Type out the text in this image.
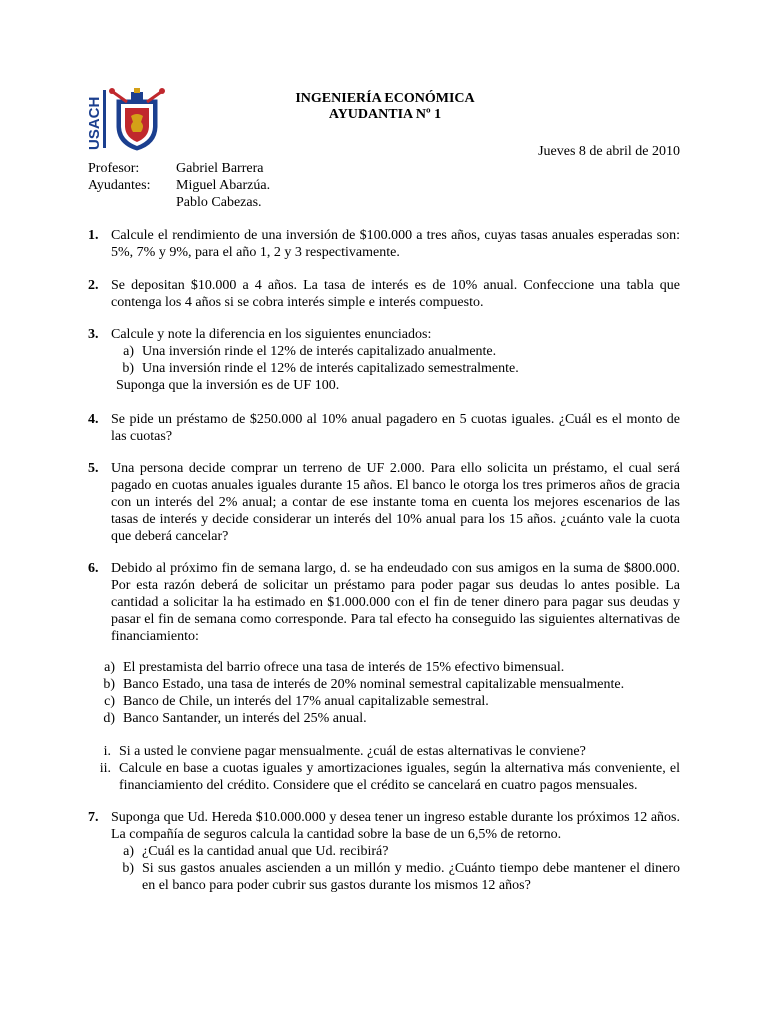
USACH	INGENIERÍA ECONÓMICA
AYUDANTIA Nº 1
Jueves 8 de abril de 2010
Profesor:	Gabriel Barrera
Ayudantes:	Miguel Abarzúa.
Pablo Cabezas.
1. Calcule el rendimiento de una inversión de $100.000 a tres años, cuyas tasas anuales esperadas son: 5%, 7% y 9%, para el año 1, 2 y 3 respectivamente.
2. Se depositan $10.000 a 4 años. La tasa de interés es de 10% anual. Confeccione una tabla que contenga los 4 años si se cobra interés simple e interés compuesto.
3. Calcule y note la diferencia en los siguientes enunciados:
a) Una inversión rinde el 12% de interés capitalizado anualmente.
b) Una inversión rinde el 12% de interés capitalizado semestralmente.
Suponga que la inversión es de UF 100.
4. Se pide un préstamo de $250.000 al 10% anual pagadero en 5 cuotas iguales. ¿Cuál es el monto de las cuotas?
5. Una persona decide comprar un terreno de UF 2.000. Para ello solicita un préstamo, el cual será pagado en cuotas anuales iguales durante 15 años. El banco le otorga los tres primeros años de gracia con un interés del 2% anual; a contar de ese instante toma en cuenta los mejores escenarios de las tasas de interés y decide considerar un interés del 10% anual para los 15 años. ¿cuánto vale la cuota que deberá cancelar?
6. Debido al próximo fin de semana largo, d. se ha endeudado con sus amigos en la suma de $800.000. Por esta razón deberá de solicitar un préstamo para poder pagar sus deudas lo antes posible. La cantidad a solicitar la ha estimado en $1.000.000 con el fin de tener dinero para pagar sus deudas y pasar el fin de semana como corresponde. Para tal efecto ha conseguido las siguientes alternativas de financiamiento:
a) El prestamista del barrio ofrece una tasa de interés de 15% efectivo bimensual.
b) Banco Estado, una tasa de interés de 20% nominal semestral capitalizable mensualmente.
c) Banco de Chile, un interés del 17% anual capitalizable semestral.
d) Banco Santander, un interés del 25% anual.
i. Si a usted le conviene pagar mensualmente. ¿cuál de estas alternativas le conviene?
ii. Calcule en base a cuotas iguales y amortizaciones iguales, según la alternativa más conveniente, el financiamiento del crédito. Considere que el crédito se cancelará en cuatro pagos mensuales.
7. Suponga que Ud. Hereda $10.000.000 y desea tener un ingreso estable durante los próximos 12 años. La compañía de seguros calcula la cantidad sobre la base de un 6,5% de retorno.
a) ¿Cuál es la cantidad anual que Ud. recibirá?
b) Si sus gastos anuales ascienden a un millón y medio. ¿Cuánto tiempo debe mantener el dinero en el banco para poder cubrir sus gastos durante los mismos 12 años?
